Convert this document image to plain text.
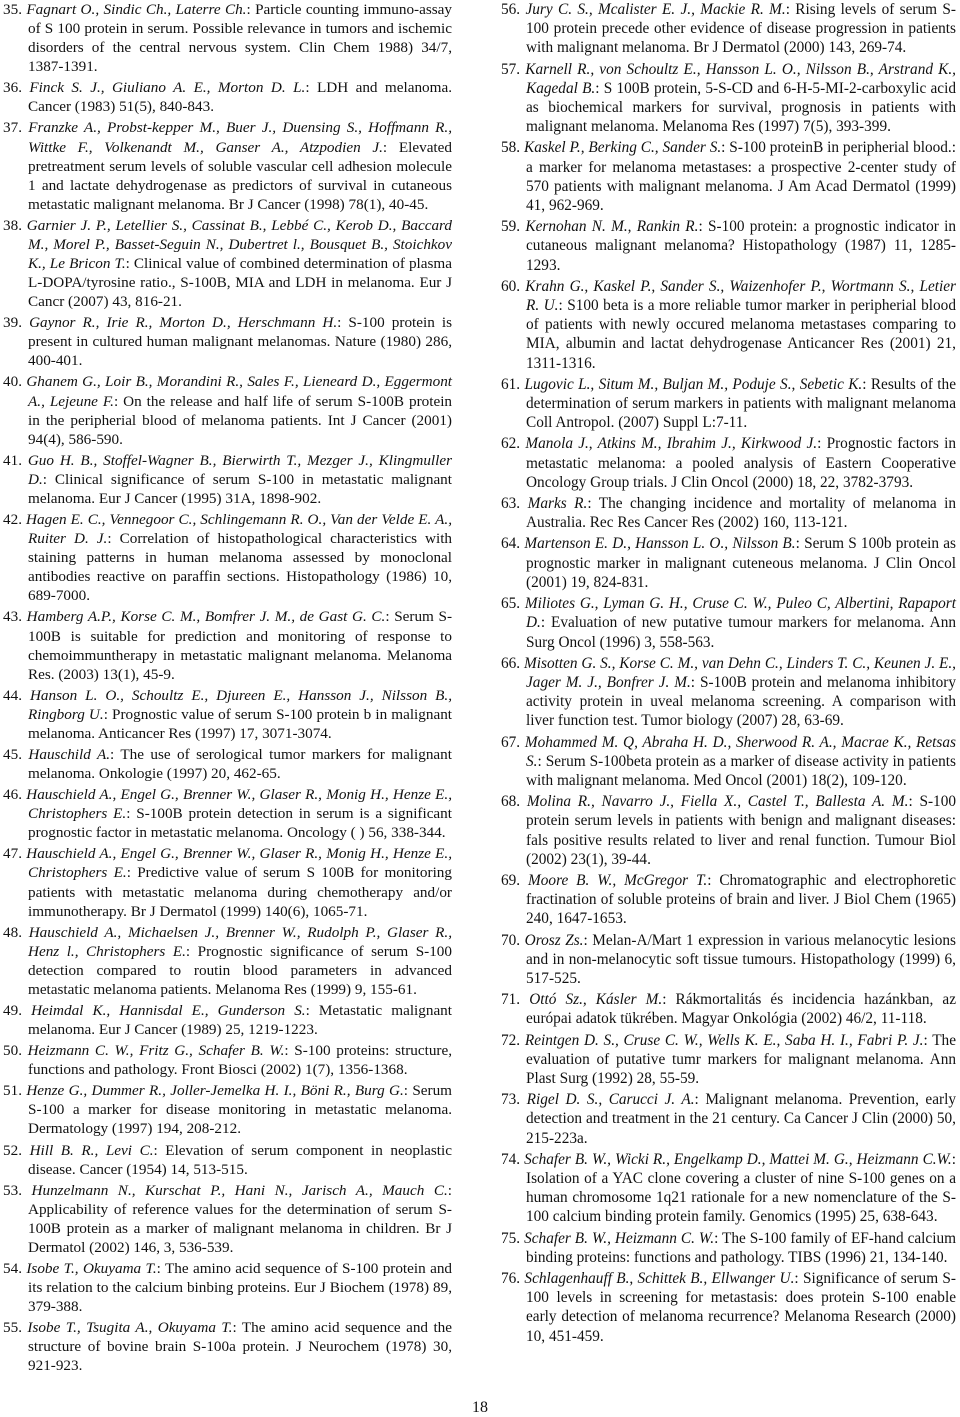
35. Fagnart O., Sindic Ch., Laterre Ch.: Particle counting immuno-assay of S 100 protein in serum. Possible relevance in tumors and ischemic disorders of the central nervous system. Clin Chem 1988) 34/7, 1387-1391.

36. Finck S. J., Giuliano A. E., Morton D. L.: LDH and melanoma. Cancer (1983) 51(5), 840-843.

37. Franzke A., Probst-kepper M., Buer J., Duensing S., Hoffmann R., Wittke F., Volkenandt M., Ganser A., Atzpodien J.: Elevated pretreatment serum levels of soluble vascular cell adhesion molecule 1 and lactate dehydrogenase as predictors of survival in cutaneous metastatic malignant melanoma. Br J Cancer (1998) 78(1), 40-45.

38. Garnier J. P., Letellier S., Cassinat B., Lebbé C., Kerob D., Baccard M., Morel P., Basset-Seguin N., Dubertret l., Bousquet B., Stoichkov K., Le Bricon T.: Clinical value of combined determination of plasma L-DOPA/tyrosine ratio., S-100B, MIA and LDH in melanoma. Eur J Cancr (2007) 43, 816-21.

39. Gaynor R., Irie R., Morton D., Herschmann H.: S-100 protein is present in cultured human malignant melanomas. Nature (1980) 286, 400-401.

40. Ghanem G., Loir B., Morandini R., Sales F., Lieneard D., Eggermont A., Lejeune F.: On the release and half life of serum S-100B protein in the peripherial blood of melanoma patients. Int J Cancer (2001) 94(4), 586-590.

41. Guo H. B., Stoffel-Wagner B., Bierwirth T., Mezger J., Klingmuller D.: Clinical significance of serum S-100 in metastatic malignant melanoma. Eur J Cancer (1995) 31A, 1898-902.

42. Hagen E. C., Vennegoor C., Schlingemann R. O., Van der Velde E. A., Ruiter D. J.: Correlation of histopathological characteristics with staining patterns in human melanoma assessed by monoclonal antibodies reactive on paraffin sections. Histopathology (1986) 10, 689-7000.

43. Hamberg A.P., Korse C. M., Bomfrer J. M., de Gast G. C.: Serum S-100B is suitable for prediction and monitoring of response to chemoimmuntherapy in metastatic malignant melanoma. Melanoma Res. (2003) 13(1), 45-9.

44. Hanson L. O., Schoultz E., Djureen E., Hansson J., Nilsson B., Ringborg U.: Prognostic value of serum S-100 protein b in malignant melanoma. Anticancer Res (1997) 17, 3071-3074.

45. Hauschild A.: The use of serological tumor markers for malignant melanoma. Onkologie (1997) 20, 462-65.

46. Hauschield A., Engel G., Brenner W., Glaser R., Monig H., Henze E., Christophers E.: S-100B protein detection in serum is a significant prognostic factor in metastatic melanoma. Oncology ( ) 56, 338-344.

47. Hauschield A., Engel G., Brenner W., Glaser R., Monig H., Henze E., Christophers E.: Predictive value of serum S 100B for monitoring patients with metastatic melanoma during chemotherapy and/or immunotherapy. Br J Dermatol (1999) 140(6), 1065-71.

48. Hauschield A., Michaelsen J., Brenner W., Rudolph P., Glaser R., Henz l., Christophers E.: Prognostic significance of serum S-100 detection compared to routin blood parameters in advanced metastatic melanoma patients. Melanoma Res (1999) 9, 155-61.

49. Heimdal K., Hannisdal E., Gunderson S.: Metastatic malignant melanoma. Eur J Cancer (1989) 25, 1219-1223.

50. Heizmann C. W., Fritz G., Schafer B. W.: S-100 proteins: structure, functions and pathology. Front Biosci (2002) 1(7), 1356-1368.

51. Henze G., Dummer R., Joller-Jemelka H. I., Böni R., Burg G.: Serum S-100 a marker for disease monitoring in metastatic melanoma. Dermatology (1997) 194, 208-212.

52. Hill B. R., Levi C.: Elevation of serum component in neoplastic disease. Cancer (1954) 14, 513-515.

53. Hunzelmann N., Kurschat P., Hani N., Jarisch A., Mauch C.: Applicability of reference values for the determination of serum S-100B protein as a marker of malignant melanoma in children. Br J Dermatol (2002) 146, 3, 536-539.

54. Isobe T., Okuyama T.: The amino acid sequence of S-100 protein and its relation to the calcium binbing proteins. Eur J Biochem (1978) 89, 379-388.

55. Isobe T., Tsugita A., Okuyama T.: The amino acid sequence and the structure of bovine brain S-100a protein. J Neurochem (1978) 30, 921-923.

56. Jury C. S., Mcalister E. J., Mackie R. M.: Rising levels of serum S-100 protein precede other evidence of disease progression in patients with malignant melanoma. Br J Dermatol (2000) 143, 269-74.

57. Karnell R., von Schoultz E., Hansson L. O., Nilsson B., Arstrand K., Kagedal B.: S 100B protein, 5-S-CD and 6-H-5-MI-2-carboxylic acid as biochemical markers for survival, prognosis in patients with malignant melanoma. Melanoma Res (1997) 7(5), 393-399.

58. Kaskel P., Berking C., Sander S.: S-100 proteinB in peripherial blood.: a marker for melanoma metastases: a prospective 2-center study of 570 patients with malignant melanoma. J Am Acad Dermatol (1999) 41, 962-969.

59. Kernohan N. M., Rankin R.: S-100 protein: a prognostic indicator in cutaneous malignant melanoma? Histopathology (1987) 11, 1285-1293.

60. Krahn G., Kaskel P., Sander S., Waizenhofer P., Wortmann S., Letier R. U.: S100 beta is a more reliable tumor marker in peripherial blood of patients with newly occured melanoma metastases comparing to MIA, albumin and lactat dehydrogenase Anticancer Res (2001) 21, 1311-1316.

61. Lugovic L., Situm M., Buljan M., Poduje S., Sebetic K.: Results of the determination of serum markers in patients with malignant melanoma Coll Antropol. (2007) Suppl L:7-11.

62. Manola J., Atkins M., Ibrahim J., Kirkwood J.: Prognostic factors in metastatic melanoma: a pooled analysis of Eastern Cooperative Oncology Group trials. J Clin Oncol (2000) 18, 22, 3782-3793.

63. Marks R.: The changing incidence and mortality of melanoma in Australia. Rec Res Cancer Res (2002) 160, 113-121.

64. Martenson E. D., Hansson L. O., Nilsson B.: Serum S 100b protein as prognostic marker in malignant cuteneous melanoma. J Clin Oncol (2001) 19, 824-831.

65. Miliotes G., Lyman G. H., Cruse C. W., Puleo C, Albertini, Rapaport D.: Evaluation of new putative tumour markers for melanoma. Ann Surg Oncol (1996) 3, 558-563.

66. Misotten G. S., Korse C. M., van Dehn C., Linders T. C., Keunen J. E., Jager M. J., Bonfrer J. M.: S-100B protein and melanoma inhibitory activity protein in uveal melanoma screening. A comparison with liver function test. Tumor biology (2007) 28, 63-69.

67. Mohammed M. Q, Abraha H. D., Sherwood R. A., Macrae K., Retsas S.: Serum S-100beta protein as a marker of disease activity in patients with malignant melanoma. Med Oncol (2001) 18(2), 109-120.

68. Molina R., Navarro J., Fiella X., Castel T., Ballesta A. M.: S-100 protein serum levels in patients with benign and malignant diseases: fals positive results related to liver and renal function. Tumour Biol (2002) 23(1), 39-44.

69. Moore B. W., McGregor T.: Chromatographic and electrophoretic fractination of soluble proteins of brain and liver. J Biol Chem (1965) 240, 1647-1653.

70. Orosz Zs.: Melan-A/Mart 1 expression in various melanocytic lesions and in non-melanocytic soft tissue tumours. Histopathology (1999) 6, 517-525.

71. Ottó Sz., Kásler M.: Rákmortalitás és incidencia hazánkban, az európai adatok tükrében. Magyar Onkológia (2002) 46/2, 11-118.

72. Reintgen D. S., Cruse C. W., Wells K. E., Saba H. I., Fabri P. J.: The evaluation of putative tumr markers for malignant melanoma. Ann Plast Surg (1992) 28, 55-59.

73. Rigel D. S., Carucci J. A.: Malignant melanoma. Prevention, early detection and treatment in the 21 century. Ca Cancer J Clin (2000) 50, 215-223a.

74. Schafer B. W., Wicki R., Engelkamp D., Mattei M. G., Heizmann C.W.: Isolation of a YAC clone covering a cluster of nine S-100 genes on a human chromosome 1q21 rationale for a new nomenclature of the S-100 calcium binding protein family. Genomics (1995) 25, 638-643.

75. Schafer B. W., Heizmann C. W.: The S-100 family of EF-hand calcium binding proteins: functions and pathology. TIBS (1996) 21, 134-140.

76. Schlagenhauff B., Schittek B., Ellwanger U.: Significance of serum S-100 levels in screening for metastasis: does protein S-100 enable early detection of melanoma recurrence? Melanoma Research (2000) 10, 451-459.

18
